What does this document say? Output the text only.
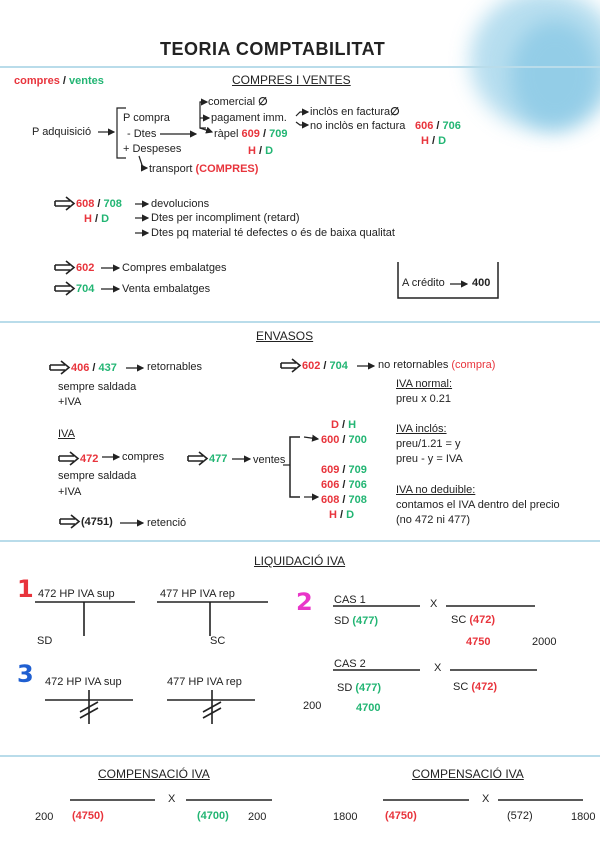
TEORIA COMPTABILITAT
compres / ventes	COMPRES I VENTES
P adquisició
P compra
- Dtes
+ Despeses
comercial ∅
pagament imm.
ràpel 609 / 709
H / D
inclòs en factura∅
no inclòs en factura 606 / 706
H / D
transport (COMPRES)
608 / 708
H / D
devolucions
Dtes per incompliment (retard)
Dtes pq material té defectes o és de baixa qualitat
602	Compres embalatges
704	Venta embalatges	A crédito 400
ENVASOS
406 / 437	retornables
sempre saldada
+IVA
602 / 704	no retornables (compra)
IVA normal:
preu x 0.21
IVA
472 compres
sempre saldada
+IVA
477 ventes
D / H
600 / 700
609 / 709
606 / 706
608 / 708
H / D
IVA inclós:
preu/1.21 = y
preu - y = IVA
IVA no deduible:
contamos el IVA dentro del precio
(no 472 ni 477)
(4751)	retenció
LIQUIDACIÓ IVA
1	2
3
472 HP IVA sup	477 HP IVA rep
SD	SC
CAS 1	X
SD (477)	SC (472)
4750	2000
CAS 2	X
SD (477)	SC (472)
200	4700
472 HP IVA sup	477 HP IVA rep
COMPENSACIÓ IVA	COMPENSACIÓ IVA
200 (4750)
X
(4700) 200	1800	(4750)
X
(572)	1800
